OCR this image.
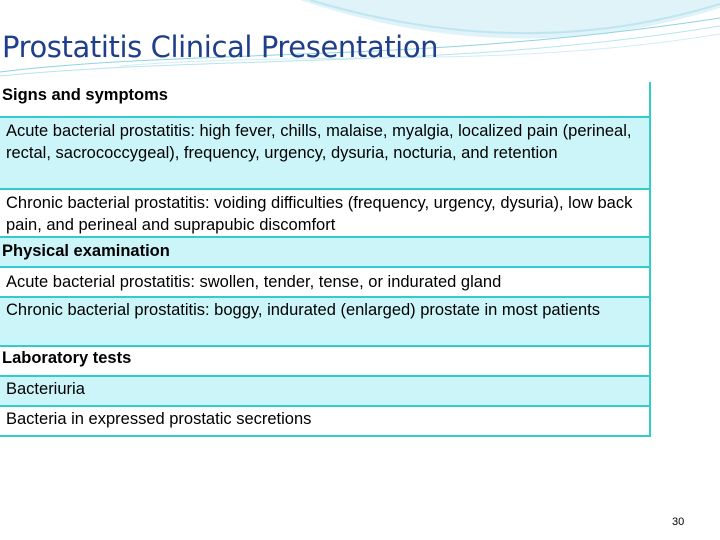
Prostatitis Clinical Presentation
Signs and symptoms
Acute bacterial prostatitis: high fever, chills, malaise, myalgia, localized pain (perineal, rectal, sacrococcygeal), frequency, urgency, dysuria, nocturia, and retention
Chronic bacterial prostatitis: voiding difficulties (frequency, urgency, dysuria), low back pain, and perineal and suprapubic discomfort
Physical examination
Acute bacterial prostatitis: swollen, tender, tense, or indurated gland
Chronic bacterial prostatitis: boggy, indurated (enlarged) prostate in most patients
Laboratory tests
Bacteriuria
Bacteria in expressed prostatic secretions
30
